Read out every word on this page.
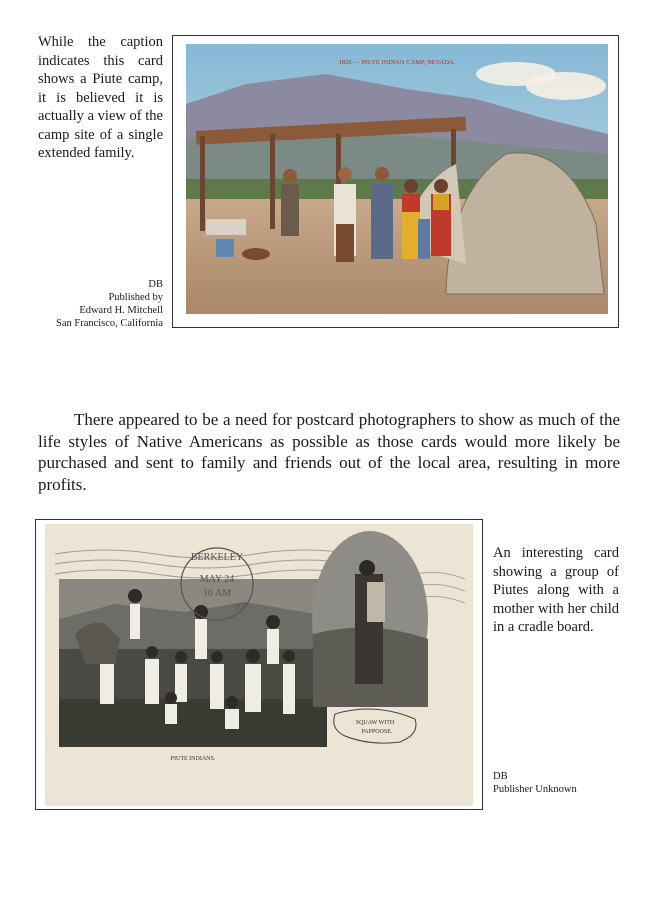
While the caption indicates this card shows a Piute camp, it is believed it is actually a view of the camp site of a single extended family.
DB
Published by
Edward H. Mitchell
San Francisco, California
1826 — PIUTE INDIAN CAMP, NEVADA.
There appeared to be a need for postcard photographers to show as much of the life styles of Native Americans as possible as those cards would more likely be purchased and sent to family and friends out of the local area, resulting in more profits.
PIUTE INDIANS.
BERKELEY
MAY 24
10 AM
07
SQUAW WITH
PAPPOOSE.
An interesting card showing a group of Piutes along with a mother with her child in a cradle board.
DB
Publisher Unknown
